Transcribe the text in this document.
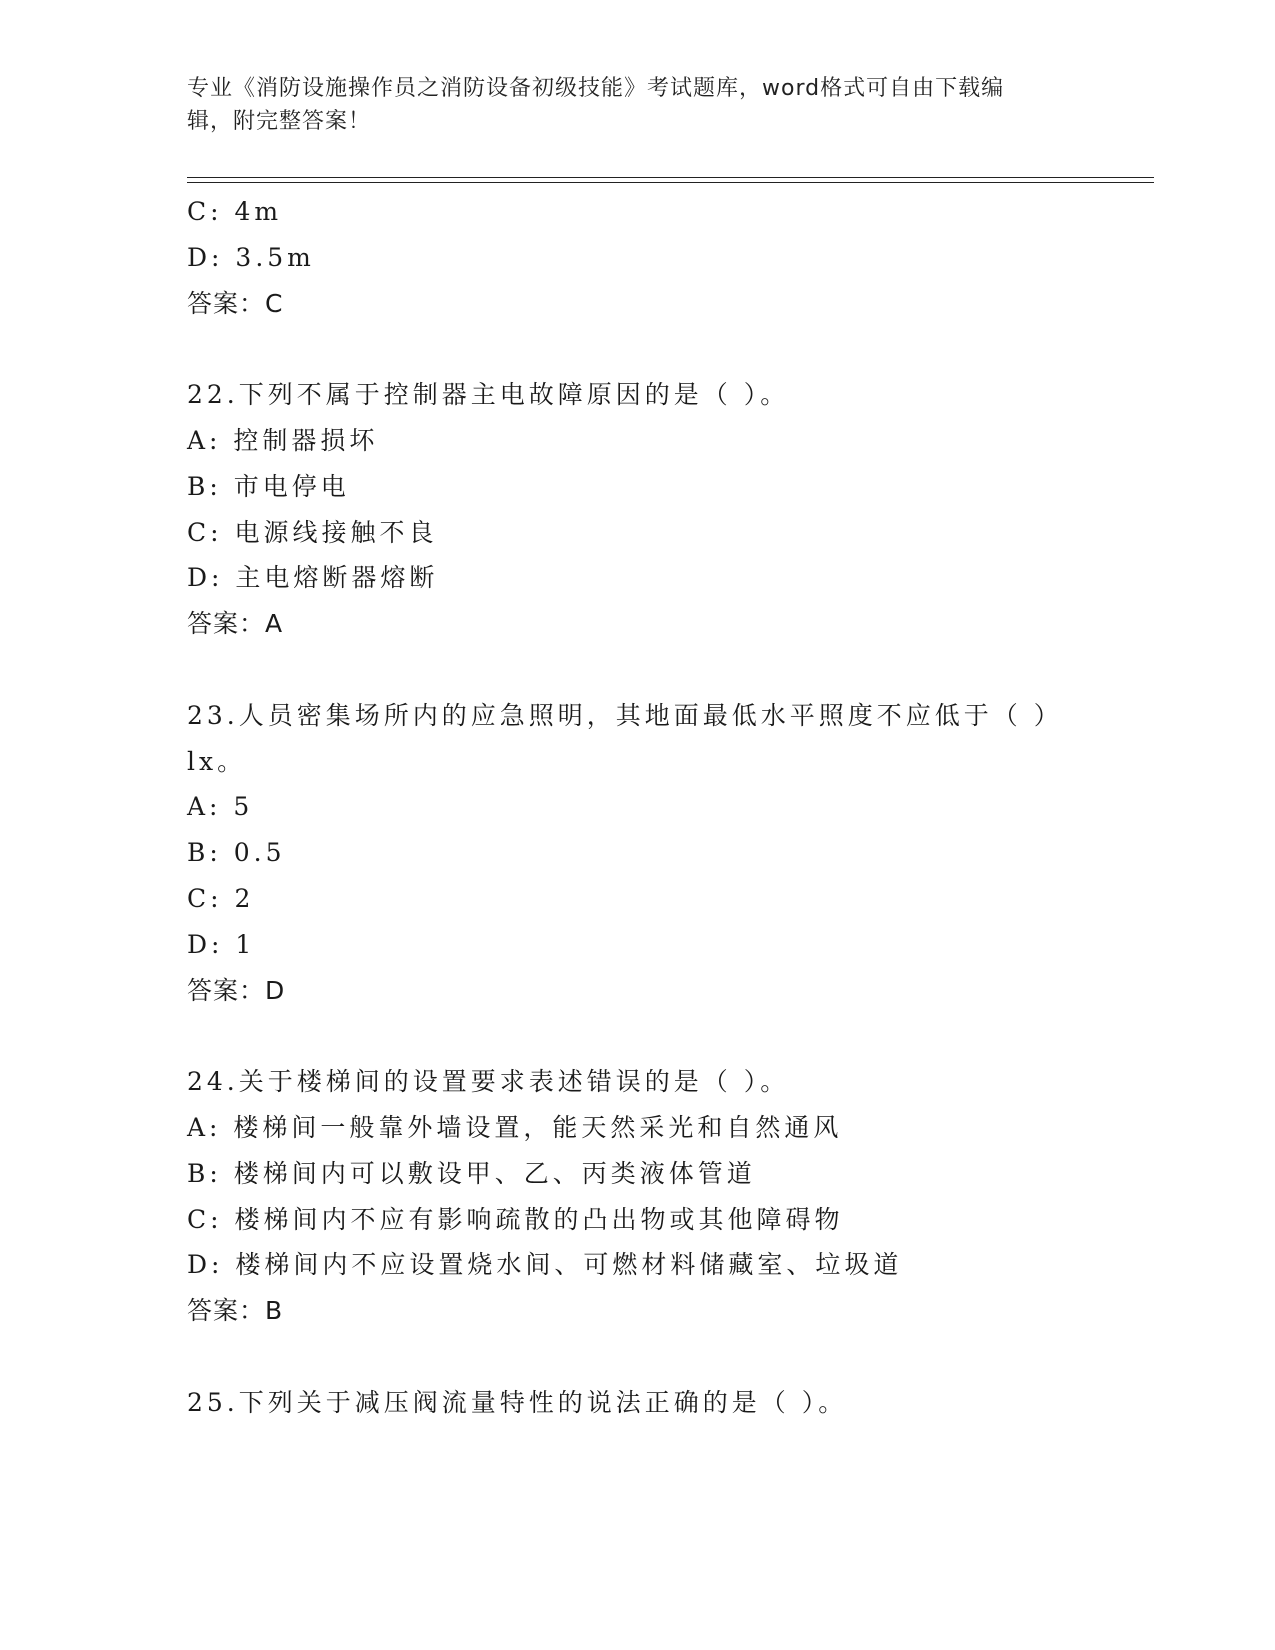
专业《消防设施操作员之消防设备初级技能》考试题库，word格式可自由下载编
辑，附完整答案！
C: 4m
D: 3.5m
答案：C
22.下列不属于控制器主电故障原因的是（ ）。
A: 控制器损坏
B: 市电停电
C: 电源线接触不良
D: 主电熔断器熔断
答案：A
23.人员密集场所内的应急照明，其地面最低水平照度不应低于（ ）
lx。
A: 5
B: 0.5
C: 2
D: 1
答案：D
24.关于楼梯间的设置要求表述错误的是（ ）。
A: 楼梯间一般靠外墙设置，能天然采光和自然通风
B: 楼梯间内可以敷设甲、乙、丙类液体管道
C: 楼梯间内不应有影响疏散的凸出物或其他障碍物
D: 楼梯间内不应设置烧水间、可燃材料储藏室、垃圾道
答案：B
25.下列关于减压阀流量特性的说法正确的是（ ）。
